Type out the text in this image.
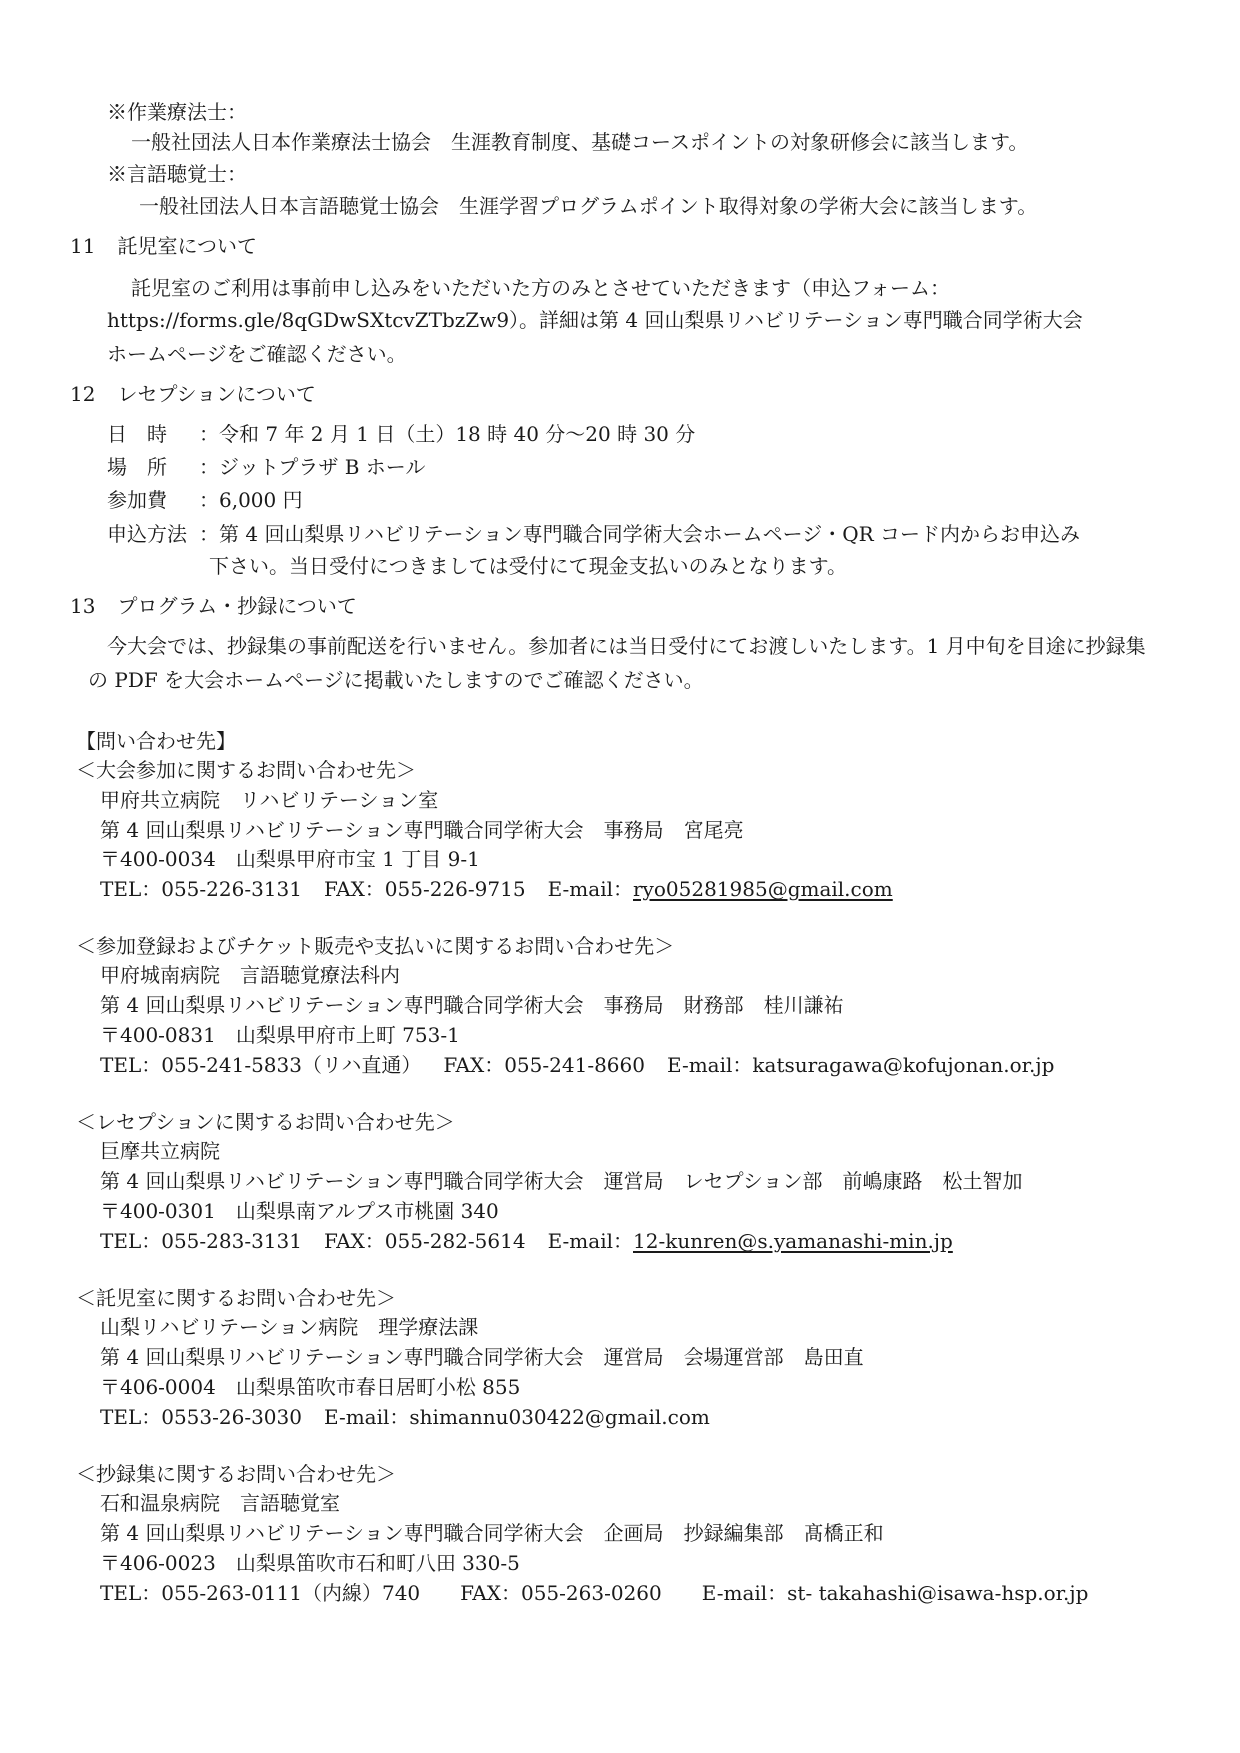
※作業療法士：
一般社団法人日本作業療法士協会　生涯教育制度、基礎コースポイントの対象研修会に該当します。
※言語聴覚士：
一般社団法人日本言語聴覚士協会　生涯学習プログラムポイント取得対象の学術大会に該当します。
11 託児室について
託児室のご利用は事前申し込みをいただいた方のみとさせていただきます（申込フォーム：
https://forms.gle/8qGDwSXtcvZTbzZw9）。詳細は第 4 回山梨県リハビリテーション専門職合同学術大会
ホームページをご確認ください。
12 レセプションについて
日　時 ：令和 7 年 2 月 1 日（土）18 時 40 分～20 時 30 分
場　所 ：ジットプラザ B ホール
参加費 ：6,000 円
申込方法 ：第 4 回山梨県リハビリテーション専門職合同学術大会ホームページ・QR コード内からお申込み
下さい。当日受付につきましては受付にて現金支払いのみとなります。
13 プログラム・抄録について
今大会では、抄録集の事前配送を行いません。参加者には当日受付にてお渡しいたします。1 月中旬を目途に抄録集
の PDF を大会ホームページに掲載いたしますのでご確認ください。
【問い合わせ先】
＜大会参加に関するお問い合わせ先＞
甲府共立病院　リハビリテーション室
第 4 回山梨県リハビリテーション専門職合同学術大会　事務局　宮尾亮
〒400-0034　山梨県甲府市宝 1 丁目 9-1
TEL：055-226-3131 FAX：055-226-9715 E-mail：ryo05281985@gmail.com
＜参加登録およびチケット販売や支払いに関するお問い合わせ先＞
甲府城南病院　言語聴覚療法科内
第 4 回山梨県リハビリテーション専門職合同学術大会　事務局　財務部　桂川謙祐
〒400-0831　山梨県甲府市上町 753-1
TEL：055-241-5833（リハ直通） FAX：055-241-8660 E-mail：katsuragawa@kofujonan.or.jp
＜レセプションに関するお問い合わせ先＞
巨摩共立病院
第 4 回山梨県リハビリテーション専門職合同学術大会　運営局　レセプション部　前嶋康路　松土智加
〒400-0301　山梨県南アルプス市桃園 340
TEL：055-283-3131 FAX：055-282-5614 E-mail：12-kunren@s.yamanashi-min.jp
＜託児室に関するお問い合わせ先＞
山梨リハビリテーション病院　理学療法課
第 4 回山梨県リハビリテーション専門職合同学術大会　運営局　会場運営部　島田直
〒406-0004　山梨県笛吹市春日居町小松 855
TEL：0553-26-3030 E-mail：shimannu030422@gmail.com
＜抄録集に関するお問い合わせ先＞
石和温泉病院　言語聴覚室
第 4 回山梨県リハビリテーション専門職合同学術大会　企画局　抄録編集部　髙橋正和
〒406-0023　山梨県笛吹市石和町八田 330-5
TEL：055-263-0111（内線）740 FAX：055-263-0260 E-mail：st- takahashi@isawa-hsp.or.jp
